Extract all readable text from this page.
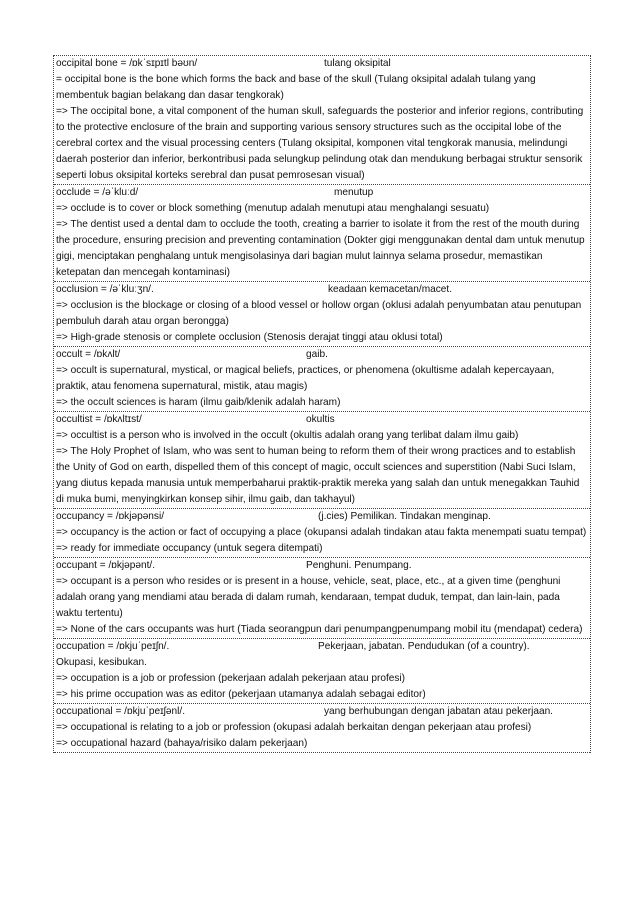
occipital bone = /ɒkˈsɪpɪtl bəʊn/	tulang oksipital
= occipital bone is the bone which forms the back and base of the skull (Tulang oksipital adalah tulang yang membentuk bagian belakang dan dasar tengkorak)
=> The occipital bone, a vital component of the human skull, safeguards the posterior and inferior regions, contributing to the protective enclosure of the brain and supporting various sensory structures such as the occipital lobe of the cerebral cortex and the visual processing centers (Tulang oksipital, komponen vital tengkorak manusia, melindungi daerah posterior dan inferior, berkontribusi pada selungkup pelindung otak dan mendukung berbagai struktur sensorik seperti lobus oksipital korteks serebral dan pusat pemrosesan visual)
occlude = /əˈkluːd/	menutup
=> occlude is to cover or block something (menutup adalah menutupi atau menghalangi sesuatu)
=> The dentist used a dental dam to occlude the tooth, creating a barrier to isolate it from the rest of the mouth during the procedure, ensuring precision and preventing contamination (Dokter gigi menggunakan dental dam untuk menutup gigi, menciptakan penghalang untuk mengisolasinya dari bagian mulut lainnya selama prosedur, memastikan ketepatan dan mencegah kontaminasi)
occlusion = /əˈkluːʒn/.	keadaan kemacetan/macet.
=> occlusion is the blockage or closing of a blood vessel or hollow organ (oklusi adalah penyumbatan atau penutupan pembuluh darah atau organ berongga)
=> High-grade stenosis or complete occlusion (Stenosis derajat tinggi atau oklusi total)
occult = /ɒkʌlt/	gaib.
=> occult is supernatural, mystical, or magical beliefs, practices, or phenomena (okultisme adalah kepercayaan, praktik, atau fenomena supernatural, mistik, atau magis)
=> the occult sciences is haram (ilmu gaib/klenik adalah haram)
occultist = /ɒkʌltɪst/	okultis
=> occultist is a person who is involved in the occult (okultis adalah orang yang terlibat dalam ilmu gaib)
=> The Holy Prophet of Islam, who was sent to human being to reform them of their wrong practices and to establish the Unity of God on earth, dispelled them of this concept of magic, occult sciences and superstition (Nabi Suci Islam, yang diutus kepada manusia untuk memperbaharui praktik-praktik mereka yang salah dan untuk menegakkan Tauhid di muka bumi, menyingkirkan konsep sihir, ilmu gaib, dan takhayul)
occupancy = /ɒkjəpənsi/	(j.cies) Pemilikan. Tindakan menginap.
=> occupancy is the action or fact of occupying a place (okupansi adalah tindakan atau fakta menempati suatu tempat)
=> ready for immediate occupancy (untuk segera ditempati)
occupant = /ɒkjəpənt/.	Penghuni. Penumpang.
=> occupant is a person who resides or is present in a house, vehicle, seat, place, etc., at a given time (penghuni adalah orang yang mendiami atau berada di dalam rumah, kendaraan, tempat duduk, tempat, dan lain-lain, pada waktu tertentu)
=> None of the cars occupants was hurt (Tiada seorangpun dari penumpangpenumpang mobil itu (mendapat) cedera)
occupation = /ɒkjuˈpeɪʃn/.	Pekerjaan, jabatan. Pendudukan (of a country).
Okupasi, kesibukan.
=> occupation is a job or profession (pekerjaan adalah pekerjaan atau profesi)
=> his prime occupation was as editor (pekerjaan utamanya adalah sebagai editor)
occupational = /ɒkjuˈpeɪʃənl/.	yang berhubungan dengan jabatan atau pekerjaan.
=> occupational is relating to a job or profession (okupasi adalah berkaitan dengan pekerjaan atau profesi)
=> occupational hazard (bahaya/risiko dalam pekerjaan)
